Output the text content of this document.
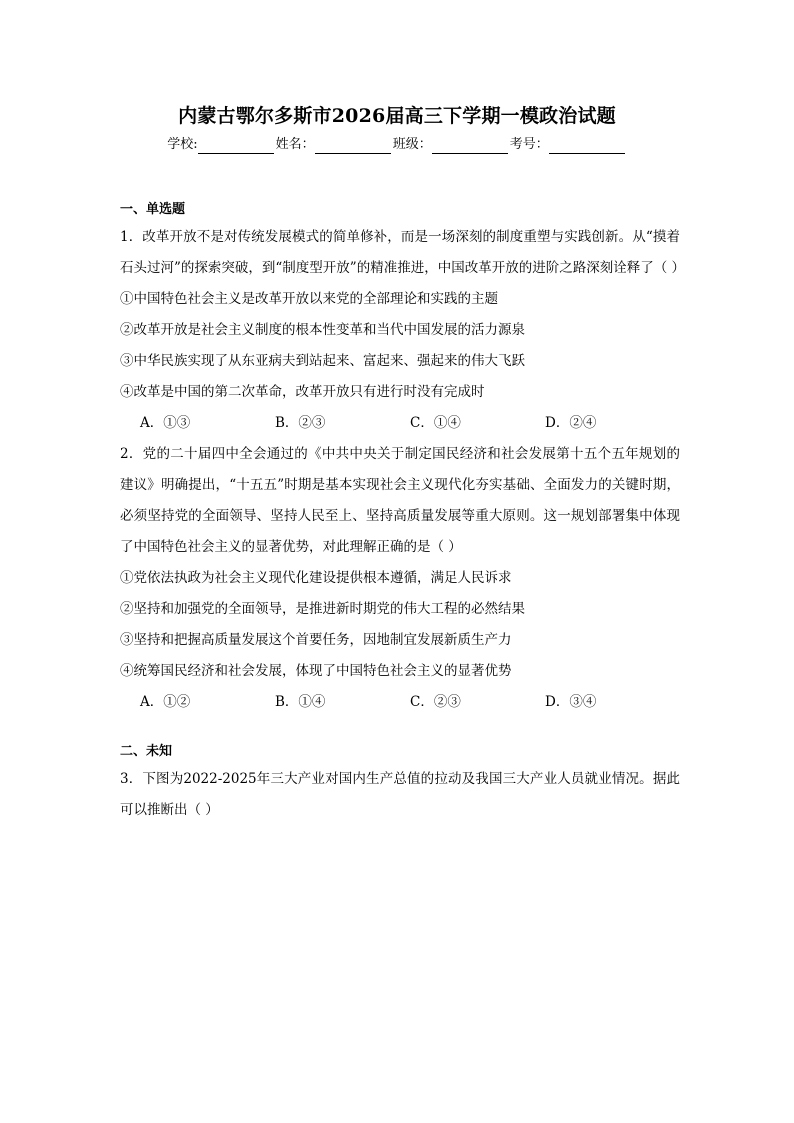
内蒙古鄂尔多斯市2026届高三下学期一模政治试题
学校:	姓名：	班级：	考号：
一、单选题
1．改革开放不是对传统发展模式的简单修补，而是一场深刻的制度重塑与实践创新。从“摸着石头过河”的探索突破，到“制度型开放”的精准推进，中国改革开放的进阶之路深刻诠释了（ ）
①中国特色社会主义是改革开放以来党的全部理论和实践的主题
②改革开放是社会主义制度的根本性变革和当代中国发展的活力源泉
③中华民族实现了从东亚病夫到站起来、富起来、强起来的伟大飞跃
④改革是中国的第二次革命，改革开放只有进行时没有完成时
A．①③	B．②③	C．①④	D．②④
2．党的二十届四中全会通过的《中共中央关于制定国民经济和社会发展第十五个五年规划的建议》明确提出，“十五五”时期是基本实现社会主义现代化夯实基础、全面发力的关键时期，必须坚持党的全面领导、坚持人民至上、坚持高质量发展等重大原则。这一规划部署集中体现了中国特色社会主义的显著优势，对此理解正确的是（ ）
①党依法执政为社会主义现代化建设提供根本遵循，满足人民诉求
②坚持和加强党的全面领导，是推进新时期党的伟大工程的必然结果
③坚持和把握高质量发展这个首要任务，因地制宜发展新质生产力
④统筹国民经济和社会发展，体现了中国特色社会主义的显著优势
A．①②	B．①④	C．②③	D．③④
二、未知
3．下图为2022-2025年三大产业对国内生产总值的拉动及我国三大产业人员就业情况。据此可以推断出（ ）
